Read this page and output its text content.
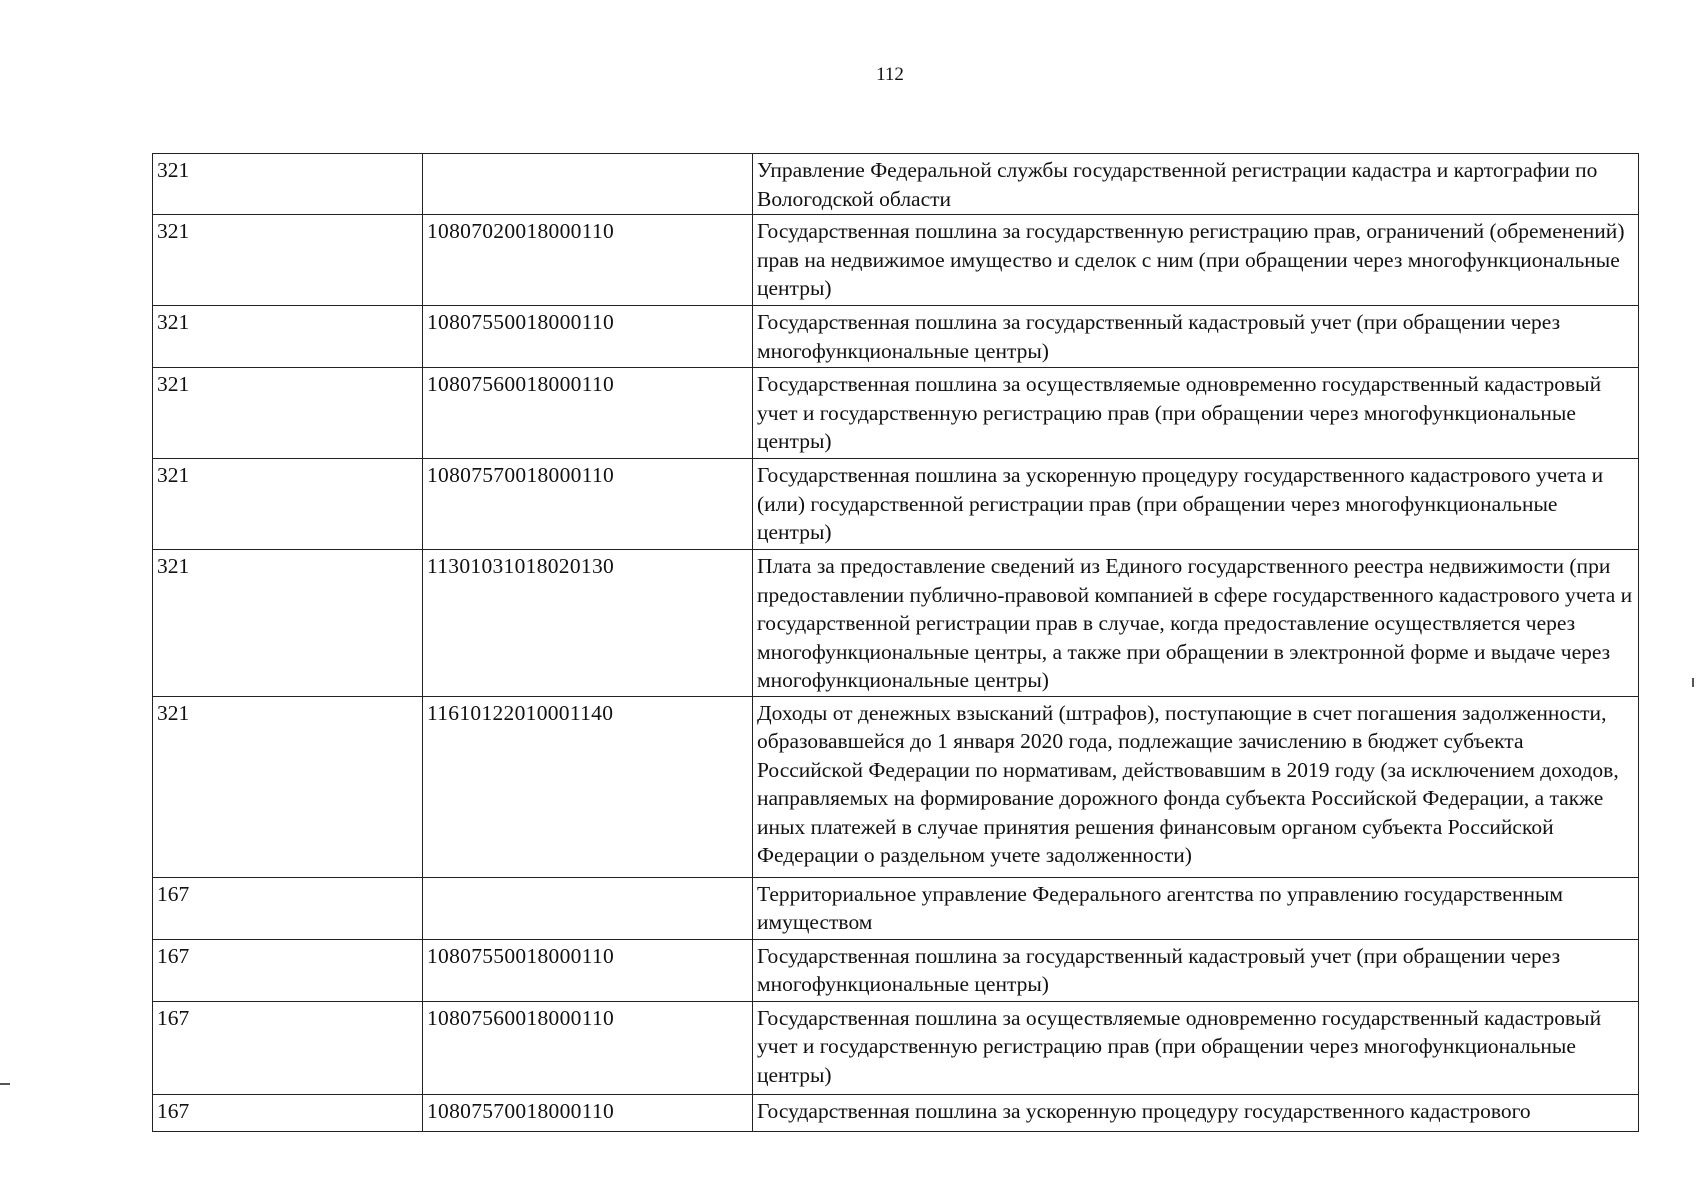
112
321		Управление Федеральной службы государственной регистрации кадастра и картографии по Вологодской области
321	10807020018000110	Государственная пошлина за государственную регистрацию прав, ограничений (обременений) прав на недвижимое имущество и сделок с ним (при обращении через многофункциональные центры)
321	10807550018000110	Государственная пошлина за государственный кадастровый учет (при обращении через многофункциональные центры)
321	10807560018000110	Государственная пошлина за осуществляемые одновременно государственный кадастровый учет и государственную регистрацию прав (при обращении через многофункциональные центры)
321	10807570018000110	Государственная пошлина за ускоренную процедуру государственного кадастрового учета и (или) государственной регистрации прав (при обращении через многофункциональные центры)
321	11301031018020130	Плата за предоставление сведений из Единого государственного реестра недвижимости (при предоставлении публично-правовой компанией в сфере государственного кадастрового учета и государственной регистрации прав в случае, когда предоставление осуществляется через многофункциональные центры, а также при обращении в электронной форме и выдаче через многофункциональные центры)
321	11610122010001140	Доходы от денежных взысканий (штрафов), поступающие в счет погашения задолженности, образовавшейся до 1 января 2020 года, подлежащие зачислению в бюджет субъекта Российской Федерации по нормативам, действовавшим в 2019 году (за исключением доходов, направляемых на формирование дорожного фонда субъекта Российской Федерации, а также иных платежей в случае принятия решения финансовым органом субъекта Российской Федерации о раздельном учете задолженности)
167		Территориальное управление Федерального агентства по управлению государственным имуществом
167	10807550018000110	Государственная пошлина за государственный кадастровый учет (при обращении через многофункциональные центры)
167	10807560018000110	Государственная пошлина за осуществляемые одновременно государственный кадастровый учет и государственную регистрацию прав (при обращении через многофункциональные центры)
167	10807570018000110	Государственная пошлина за ускоренную процедуру государственного кадастрового
